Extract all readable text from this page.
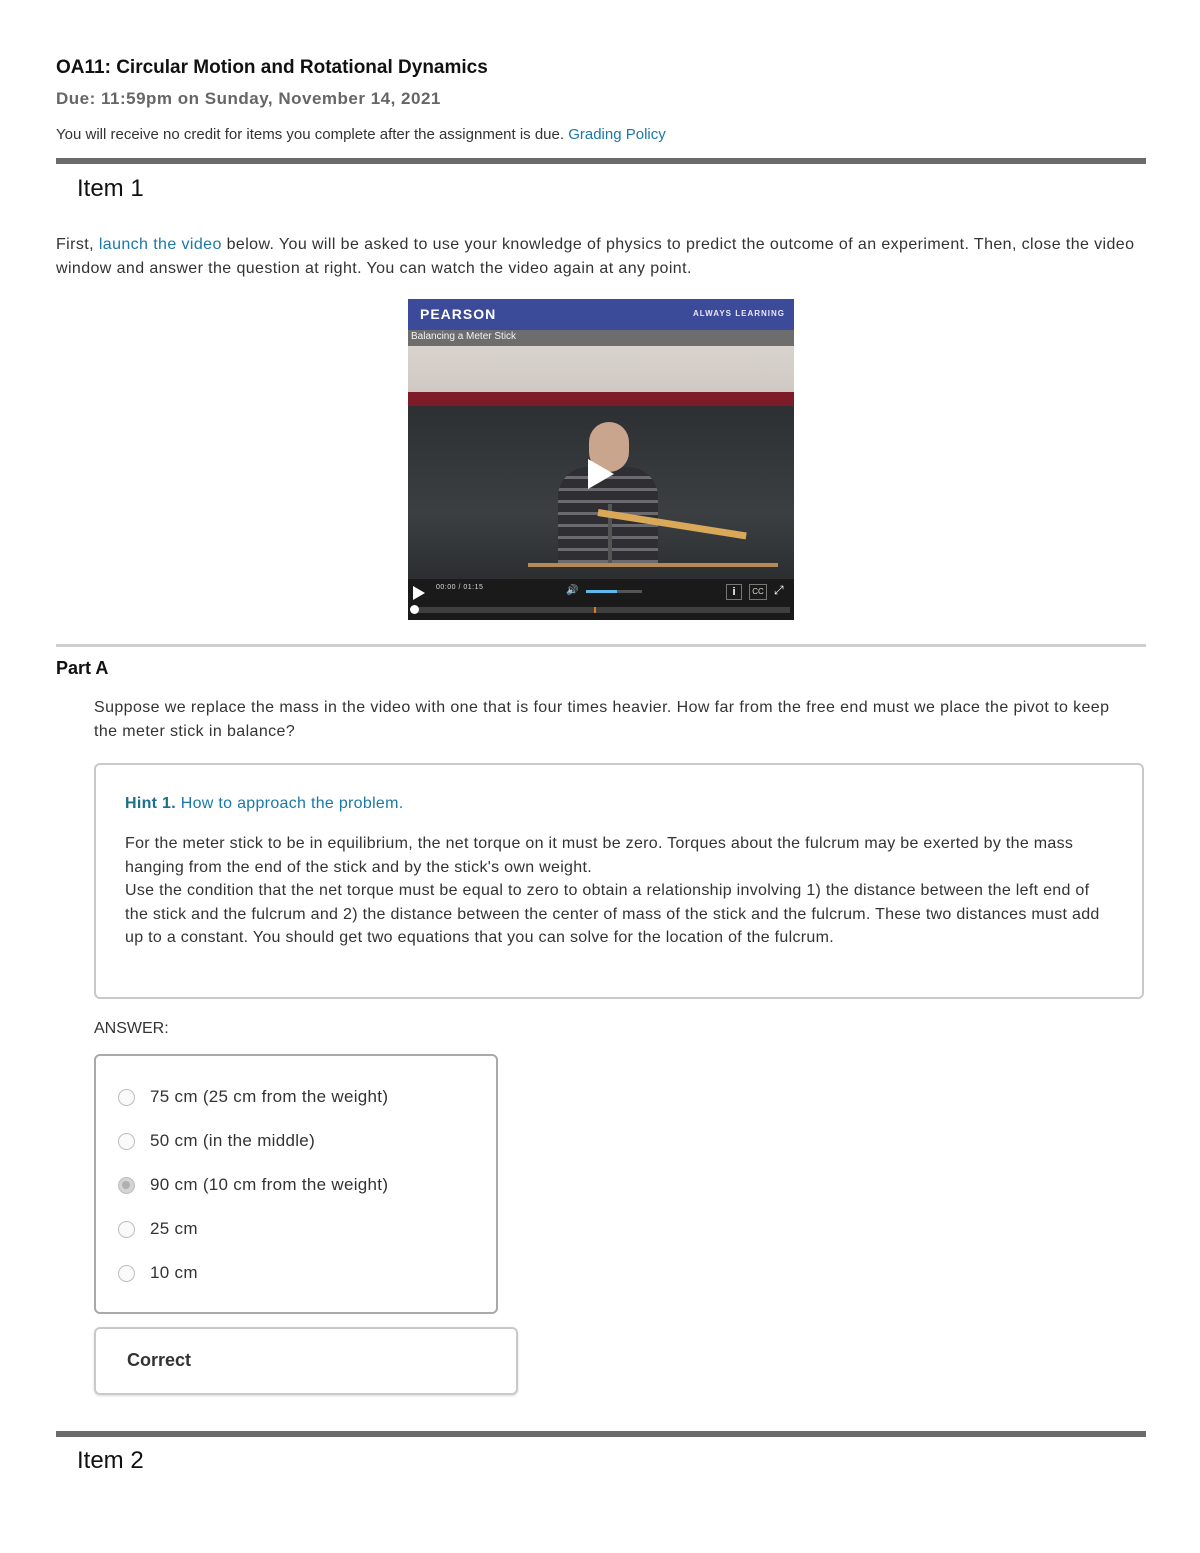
OA11: Circular Motion and Rotational Dynamics
Due: 11:59pm on Sunday, November 14, 2021
You will receive no credit for items you complete after the assignment is due. Grading Policy
Item 1
First, launch the video below. You will be asked to use your knowledge of physics to predict the outcome of an experiment. Then, close the video window and answer the question at right. You can watch the video again at any point.
PEARSON	ALWAYS LEARNING
Balancing a Meter Stick
00:00 / 01:15	🔊	i	CC ⤢
Part A
Suppose we replace the mass in the video with one that is four times heavier. How far from the free end must we place the pivot to keep the meter stick in balance?
Hint 1. How to approach the problem.

For the meter stick to be in equilibrium, the net torque on it must be zero. Torques about the fulcrum may be exerted by the mass hanging from the end of the stick and by the stick's own weight.

Use the condition that the net torque must be equal to zero to obtain a relationship involving 1) the distance between the left end of the stick and the fulcrum and 2) the distance between the center of mass of the stick and the fulcrum. These two distances must add up to a constant. You should get two equations that you can solve for the location of the fulcrum.

ANSWER:
75 cm (25 cm from the weight)
50 cm (in the middle)
90 cm (10 cm from the weight)
25 cm
10 cm
Correct
Item 2
